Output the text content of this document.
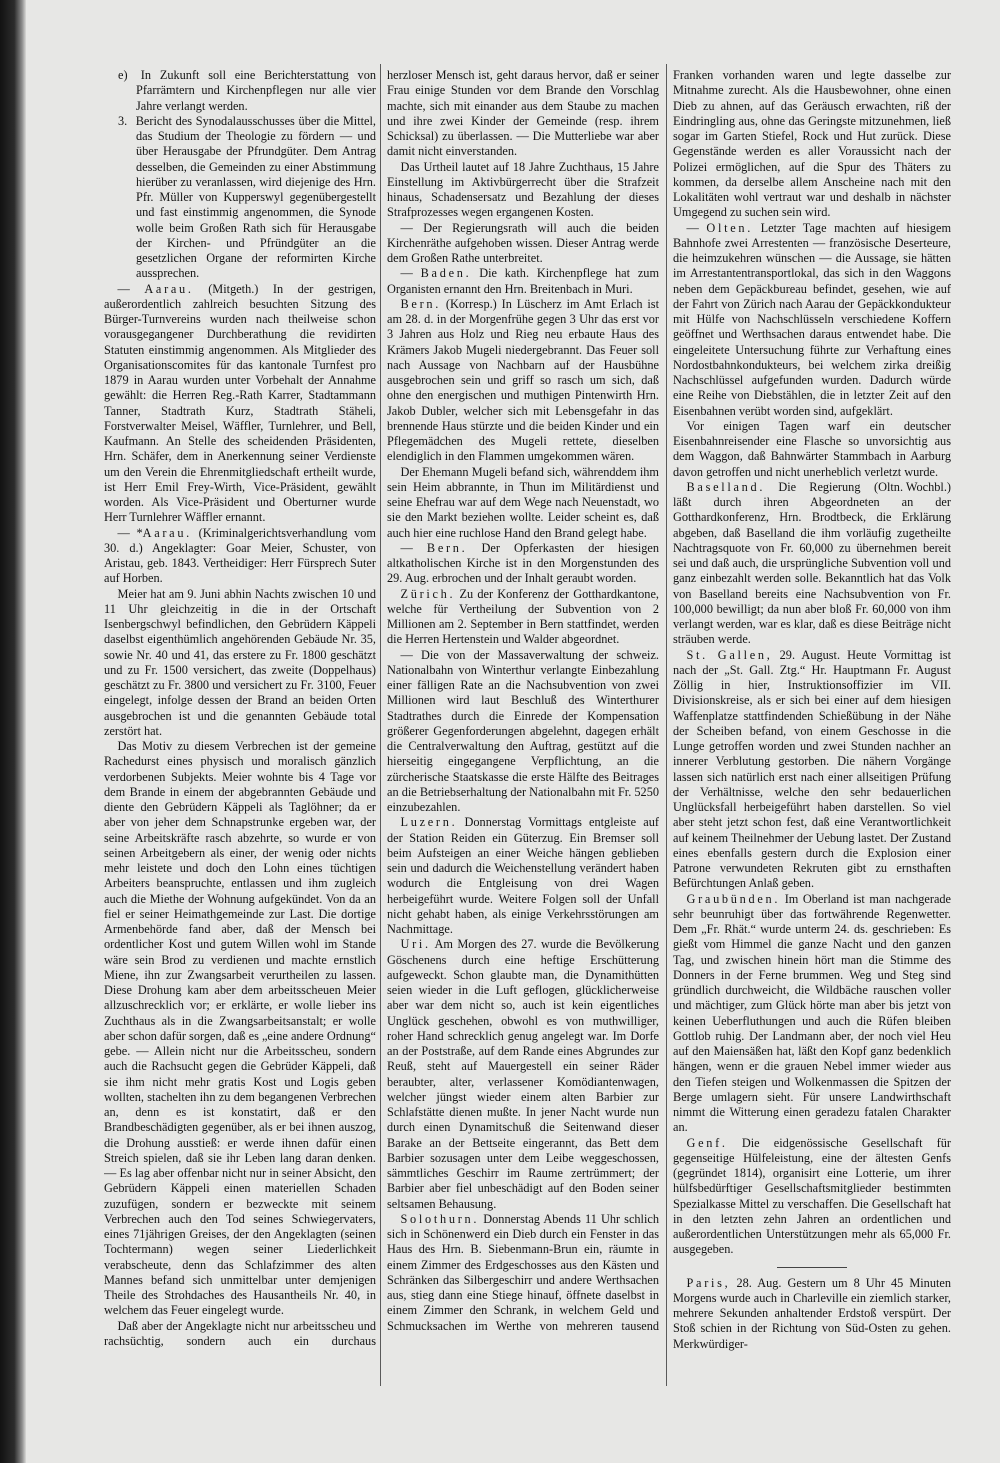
e) In Zukunft soll eine Berichterstattung von Pfarrämtern und Kirchenpflegen nur alle vier Jahre verlangt werden.

3. Bericht des Synodalausschusses über die Mittel, das Studium der Theologie zu fördern — und über Herausgabe der Pfrundgüter. Dem Antrag desselben, die Gemeinden zu einer Abstimmung hierüber zu veranlassen, wird diejenige des Hrn. Pfr. Müller von Kupperswyl gegenübergestellt und fast einstimmig angenommen, die Synode wolle beim Großen Rath sich für Herausgabe der Kirchen- und Pfründgüter an die gesetzlichen Organe der reformirten Kirche aussprechen.

— Aarau. (Mitgeth.) In der gestrigen, außerordentlich zahlreich besuchten Sitzung des Bürger-Turnvereins wurden nach theilweise schon vorausgegangener Durchberathung die revidirten Statuten einstimmig angenommen. Als Mitglieder des Organisationscomites für das kantonale Turnfest pro 1879 in Aarau wurden unter Vorbehalt der Annahme gewählt: die Herren Reg.-Rath Karrer, Stadtammann Tanner, Stadtrath Kurz, Stadtrath Stäheli, Forstverwalter Meisel, Wäffler, Turnlehrer, und Bell, Kaufmann. An Stelle des scheidenden Präsidenten, Hrn. Schäfer, dem in Anerkennung seiner Verdienste um den Verein die Ehrenmitgliedschaft ertheilt wurde, ist Herr Emil Frey-Wirth, Vice-Präsident, gewählt worden. Als Vice-Präsident und Oberturner wurde Herr Turnlehrer Wäffler ernannt.

— *Aarau. (Kriminalgerichtsverhandlung vom 30. d.) Angeklagter: Goar Meier, Schuster, von Aristau, geb. 1843. Vertheidiger: Herr Fürsprech Suter auf Horben.

Meier hat am 9. Juni abhin Nachts zwischen 10 und 11 Uhr gleichzeitig in die in der Ortschaft Isenbergschwyl befindlichen, den Gebrüdern Käppeli daselbst eigenthümlich angehörenden Gebäude Nr. 35, sowie Nr. 40 und 41, das erstere zu Fr. 1800 geschätzt und zu Fr. 1500 versichert, das zweite (Doppelhaus) geschätzt zu Fr. 3800 und versichert zu Fr. 3100, Feuer eingelegt, infolge dessen der Brand an beiden Orten ausgebrochen ist und die genannten Gebäude total zerstört hat.

Das Motiv zu diesem Verbrechen ist der gemeine Rachedurst eines physisch und moralisch gänzlich verdorbenen Subjekts. Meier wohnte bis 4 Tage vor dem Brande in einem der abgebrannten Gebäude und diente den Gebrüdern Käppeli als Taglöhner; da er aber von jeher dem Schnapstrunke ergeben war, der seine Arbeitskräfte rasch abzehrte, so wurde er von seinen Arbeitgebern als einer, der wenig oder nichts mehr leistete und doch den Lohn eines tüchtigen Arbeiters beanspruchte, entlassen und ihm zugleich auch die Miethe der Wohnung aufgekündet. Von da an fiel er seiner Heimathgemeinde zur Last. Die dortige Armenbehörde fand aber, daß der Mensch bei ordentlicher Kost und gutem Willen wohl im Stande wäre sein Brod zu verdienen und machte ernstlich Miene, ihn zur Zwangsarbeit verurtheilen zu lassen. Diese Drohung kam aber dem arbeitsscheuen Meier allzuschrecklich vor; er erklärte, er wolle lieber ins Zuchthaus als in die Zwangsarbeitsanstalt; er wolle aber schon dafür sorgen, daß es „eine andere Ordnung“ gebe. — Allein nicht nur die Arbeitsscheu, sondern auch die Rachsucht gegen die Gebrüder Käppeli, daß sie ihm nicht mehr gratis Kost und Logis geben wollten, stachelten ihn zu dem begangenen Verbrechen an, denn es ist konstatirt, daß er den Brandbeschädigten gegenüber, als er bei ihnen auszog, die Drohung ausstieß: er werde ihnen dafür einen Streich spielen, daß sie ihr Leben lang daran denken. — Es lag aber offenbar nicht nur in seiner Absicht, den Gebrüdern Käppeli einen materiellen Schaden zuzufügen, sondern er bezweckte mit seinem Verbrechen auch den Tod seines Schwiegervaters, eines 71jährigen Greises, der den Angeklagten (seinen Tochtermann) wegen seiner Liederlichkeit verabscheute, denn das Schlafzimmer des alten Mannes befand sich unmittelbar unter demjenigen Theile des Strohdaches des Hausantheils Nr. 40, in welchem das Feuer eingelegt wurde.

Daß aber der Angeklagte nicht nur arbeitsscheu und rachsüchtig, sondern auch ein durchaus

herzloser Mensch ist, geht daraus hervor, daß er seiner Frau einige Stunden vor dem Brande den Vorschlag machte, sich mit einander aus dem Staube zu machen und ihre zwei Kinder der Gemeinde (resp. ihrem Schicksal) zu überlassen. — Die Mutterliebe war aber damit nicht einverstanden.

Das Urtheil lautet auf 18 Jahre Zuchthaus, 15 Jahre Einstellung im Aktivbürgerrecht über die Strafzeit hinaus, Schadensersatz und Bezahlung der dieses Strafprozesses wegen ergangenen Kosten.

— Der Regierungsrath will auch die beiden Kirchenräthe aufgehoben wissen. Dieser Antrag werde dem Großen Rathe unterbreitet.

— Baden. Die kath. Kirchenpflege hat zum Organisten ernannt den Hrn. Breitenbach in Muri.

Bern. (Korresp.) In Lüscherz im Amt Erlach ist am 28. d. in der Morgenfrühe gegen 3 Uhr das erst vor 3 Jahren aus Holz und Rieg neu erbaute Haus des Krämers Jakob Mugeli niedergebrannt. Das Feuer soll nach Aussage von Nachbarn auf der Hausbühne ausgebrochen sein und griff so rasch um sich, daß ohne den energischen und muthigen Pintenwirth Hrn. Jakob Dubler, welcher sich mit Lebensgefahr in das brennende Haus stürzte und die beiden Kinder und ein Pflegemädchen des Mugeli rettete, dieselben elendiglich in den Flammen umgekommen wären.

Der Ehemann Mugeli befand sich, währenddem ihm sein Heim abbrannte, in Thun im Militärdienst und seine Ehefrau war auf dem Wege nach Neuenstadt, wo sie den Markt beziehen wollte. Leider scheint es, daß auch hier eine ruchlose Hand den Brand gelegt habe.

— Bern. Der Opferkasten der hiesigen altkatholischen Kirche ist in den Morgenstunden des 29. Aug. erbrochen und der Inhalt geraubt worden.

Zürich. Zu der Konferenz der Gotthardkantone, welche für Vertheilung der Subvention von 2 Millionen am 2. September in Bern stattfindet, werden die Herren Hertenstein und Walder abgeordnet.

— Die von der Massaverwaltung der schweiz. Nationalbahn von Winterthur verlangte Einbezahlung einer fälligen Rate an die Nachsubvention von zwei Millionen wird laut Beschluß des Winterthurer Stadtrathes durch die Einrede der Kompensation größerer Gegenforderungen abgelehnt, dagegen erhält die Centralverwaltung den Auftrag, gestützt auf die hierseitig eingegangene Verpflichtung, an die zürcherische Staatskasse die erste Hälfte des Beitrages an die Betriebserhaltung der Nationalbahn mit Fr. 5250 einzubezahlen.

Luzern. Donnerstag Vormittags entgleiste auf der Station Reiden ein Güterzug. Ein Bremser soll beim Aufsteigen an einer Weiche hängen geblieben sein und dadurch die Weichenstellung verändert haben wodurch die Entgleisung von drei Wagen herbeigeführt wurde. Weitere Folgen soll der Unfall nicht gehabt haben, als einige Verkehrsstörungen am Nachmittage.

Uri. Am Morgen des 27. wurde die Bevölkerung Göschenens durch eine heftige Erschütterung aufgeweckt. Schon glaubte man, die Dynamithütten seien wieder in die Luft geflogen, glücklicherweise aber war dem nicht so, auch ist kein eigentliches Unglück geschehen, obwohl es von muthwilliger, roher Hand schrecklich genug angelegt war. Im Dorfe an der Poststraße, auf dem Rande eines Abgrundes zur Reuß, steht auf Mauergestell ein seiner Räder beraubter, alter, verlassener Komödiantenwagen, welcher jüngst wieder einem alten Barbier zur Schlafstätte dienen mußte. In jener Nacht wurde nun durch einen Dynamitschuß die Seitenwand dieser Barake an der Bettseite eingerannt, das Bett dem Barbier sozusagen unter dem Leibe weggeschossen, sämmtliches Geschirr im Raume zertrümmert; der Barbier aber fiel unbeschädigt auf den Boden seiner seltsamen Behausung.

Solothurn. Donnerstag Abends 11 Uhr schlich sich in Schönenwerd ein Dieb durch ein Fenster in das Haus des Hrn. B. Siebenmann-Brun ein, räumte in einem Zimmer des Erdgeschosses aus den Kästen und Schränken das Silbergeschirr und andere Werthsachen aus, stieg dann eine Stiege hinauf, öffnete daselbst in einem Zimmer den Schrank, in welchem Geld und Schmucksachen im Werthe von mehreren tausend

Franken vorhanden waren und legte dasselbe zur Mitnahme zurecht. Als die Hausbewohner, ohne einen Dieb zu ahnen, auf das Geräusch erwachten, riß der Eindringling aus, ohne das Geringste mitzunehmen, ließ sogar im Garten Stiefel, Rock und Hut zurück. Diese Gegenstände werden es aller Voraussicht nach der Polizei ermöglichen, auf die Spur des Thäters zu kommen, da derselbe allem Anscheine nach mit den Lokalitäten wohl vertraut war und deshalb in nächster Umgegend zu suchen sein wird.

— Olten. Letzter Tage machten auf hiesigem Bahnhofe zwei Arrestenten — französische Deserteure, die heimzukehren wünschen — die Aussage, sie hätten im Arrestantentransportlokal, das sich in den Waggons neben dem Gepäckbureau befindet, gesehen, wie auf der Fahrt von Zürich nach Aarau der Gepäckkondukteur mit Hülfe von Nachschlüsseln verschiedene Koffern geöffnet und Werthsachen daraus entwendet habe. Die eingeleitete Untersuchung führte zur Verhaftung eines Nordostbahnkondukteurs, bei welchem zirka dreißig Nachschlüssel aufgefunden wurden. Dadurch würde eine Reihe von Diebstählen, die in letzter Zeit auf den Eisenbahnen verübt worden sind, aufgeklärt.

Vor einigen Tagen warf ein deutscher Eisenbahnreisender eine Flasche so unvorsichtig aus dem Waggon, daß Bahnwärter Stammbach in Aarburg davon getroffen und nicht unerheblich verletzt wurde.
(Oltn. Wochbl.)

Baselland. Die Regierung läßt durch ihren Abgeordneten an der Gotthardkonferenz, Hrn. Brodtbeck, die Erklärung abgeben, daß Baselland die ihm vorläufig zugetheilte Nachtragsquote von Fr. 60,000 zu übernehmen bereit sei und daß auch, die ursprüngliche Subvention voll und ganz einbezahlt werden solle. Bekanntlich hat das Volk von Baselland bereits eine Nachsubvention von Fr. 100,000 bewilligt; da nun aber bloß Fr. 60,000 von ihm verlangt werden, war es klar, daß es diese Beiträge nicht sträuben werde.

St. Gallen, 29. August. Heute Vormittag ist nach der „St. Gall. Ztg.“ Hr. Hauptmann Fr. August Zöllig in hier, Instruktionsoffizier im VII. Divisionskreise, als er sich bei einer auf dem hiesigen Waffenplatze stattfindenden Schießübung in der Nähe der Scheiben befand, von einem Geschosse in die Lunge getroffen worden und zwei Stunden nachher an innerer Verblutung gestorben. Die nähern Vorgänge lassen sich natürlich erst nach einer allseitigen Prüfung der Verhältnisse, welche den sehr bedauerlichen Unglücksfall herbeigeführt haben darstellen. So viel aber steht jetzt schon fest, daß eine Verantwortlichkeit auf keinem Theilnehmer der Uebung lastet. Der Zustand eines ebenfalls gestern durch die Explosion einer Patrone verwundeten Rekruten gibt zu ernsthaften Befürchtungen Anlaß geben.

Graubünden. Im Oberland ist man nachgerade sehr beunruhigt über das fortwährende Regenwetter. Dem „Fr. Rhät.“ wurde unterm 24. ds. geschrieben: Es gießt vom Himmel die ganze Nacht und den ganzen Tag, und zwischen hinein hört man die Stimme des Donners in der Ferne brummen. Weg und Steg sind gründlich durchweicht, die Wildbäche rauschen voller und mächtiger, zum Glück hörte man aber bis jetzt von keinen Ueberfluthungen und auch die Rüfen bleiben Gottlob ruhig. Der Landmann aber, der noch viel Heu auf den Maiensäßen hat, läßt den Kopf ganz bedenklich hängen, wenn er die grauen Nebel immer wieder aus den Tiefen steigen und Wolkenmassen die Spitzen der Berge umlagern sieht. Für unsere Landwirthschaft nimmt die Witterung einen geradezu fatalen Charakter an.

Genf. Die eidgenössische Gesellschaft für gegenseitige Hülfeleistung, eine der ältesten Genfs (gegründet 1814), organisirt eine Lotterie, um ihrer hülfsbedürftiger Gesellschaftsmitglieder bestimmten Spezialkasse Mittel zu verschaffen. Die Gesellschaft hat in den letzten zehn Jahren an ordentlichen und außerordentlichen Unterstützungen mehr als 65,000 Fr. ausgegeben.

Paris, 28. Aug. Gestern um 8 Uhr 45 Minuten Morgens wurde auch in Charleville ein ziemlich starker, mehrere Sekunden anhaltender Erdstoß verspürt. Der Stoß schien in der Richtung von Süd-Osten zu gehen. Merkwürdiger-
